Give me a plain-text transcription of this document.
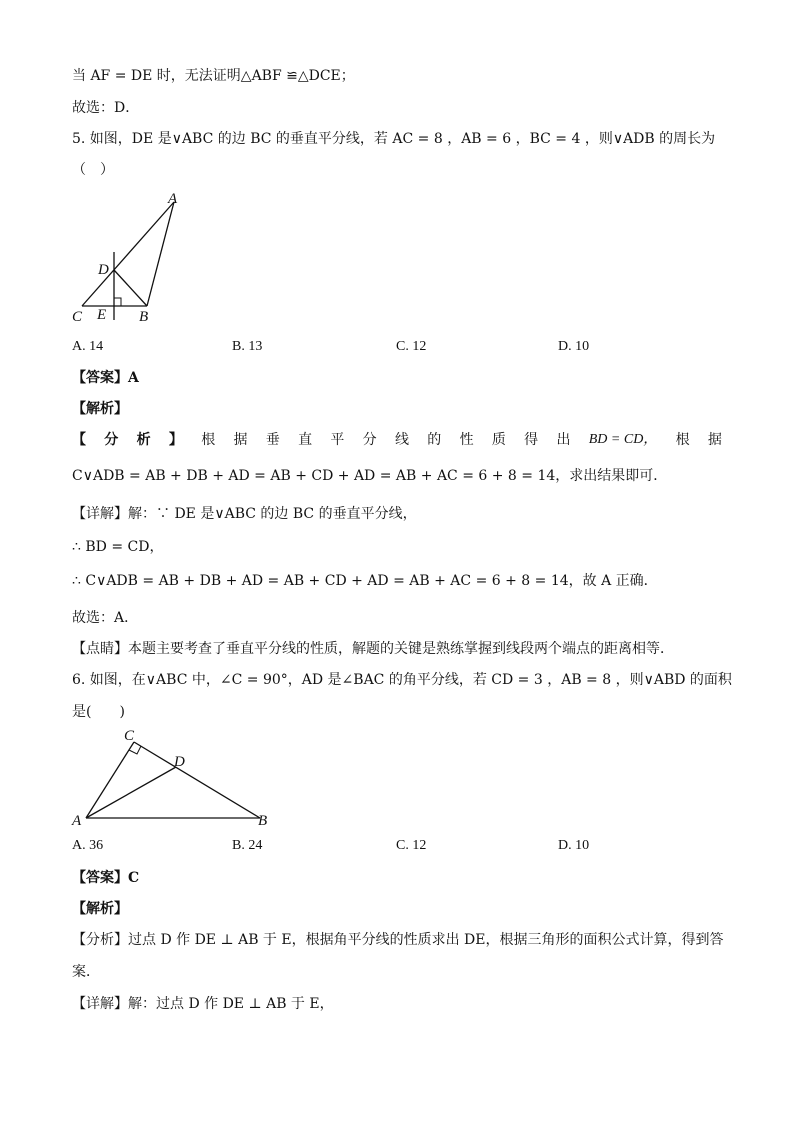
当 AF = DE 时，无法证明△ABF ≌△DCE；
故选：D．
5. 如图，DE 是∨ABC 的边 BC 的垂直平分线，若 AC = 8 ，AB = 6 ，BC = 4 ，则∨ADB 的周长为
（　）
A
D
C E B
A. 14	B. 13	C. 12	D. 10
【答案】A
【解析】
【 分 析 】 根 据 垂 直 平 分 线 的 性 质 得 出 BD = CD， 根 据
C∨ADB = AB + DB + AD = AB + CD + AD = AB + AC = 6 + 8 = 14，求出结果即可．
【详解】解：∵ DE 是∨ABC 的边 BC 的垂直平分线，
∴ BD = CD，
∴ C∨ADB = AB + DB + AD = AB + CD + AD = AB + AC = 6 + 8 = 14，故 A 正确．
故选：A．
【点睛】本题主要考查了垂直平分线的性质，解题的关键是熟练掌握到线段两个端点的距离相等．
6. 如图，在∨ABC 中，∠C = 90°，AD 是∠BAC 的角平分线，若 CD = 3 ，AB = 8 ，则∨ABD 的面积
是(　　)
C
D
A	B
A. 36	B. 24	C. 12	D. 10
【答案】C
【解析】
【分析】过点 D 作 DE ⊥ AB 于 E，根据角平分线的性质求出 DE，根据三角形的面积公式计算，得到答
案．
【详解】解：过点 D 作 DE ⊥ AB 于 E，
